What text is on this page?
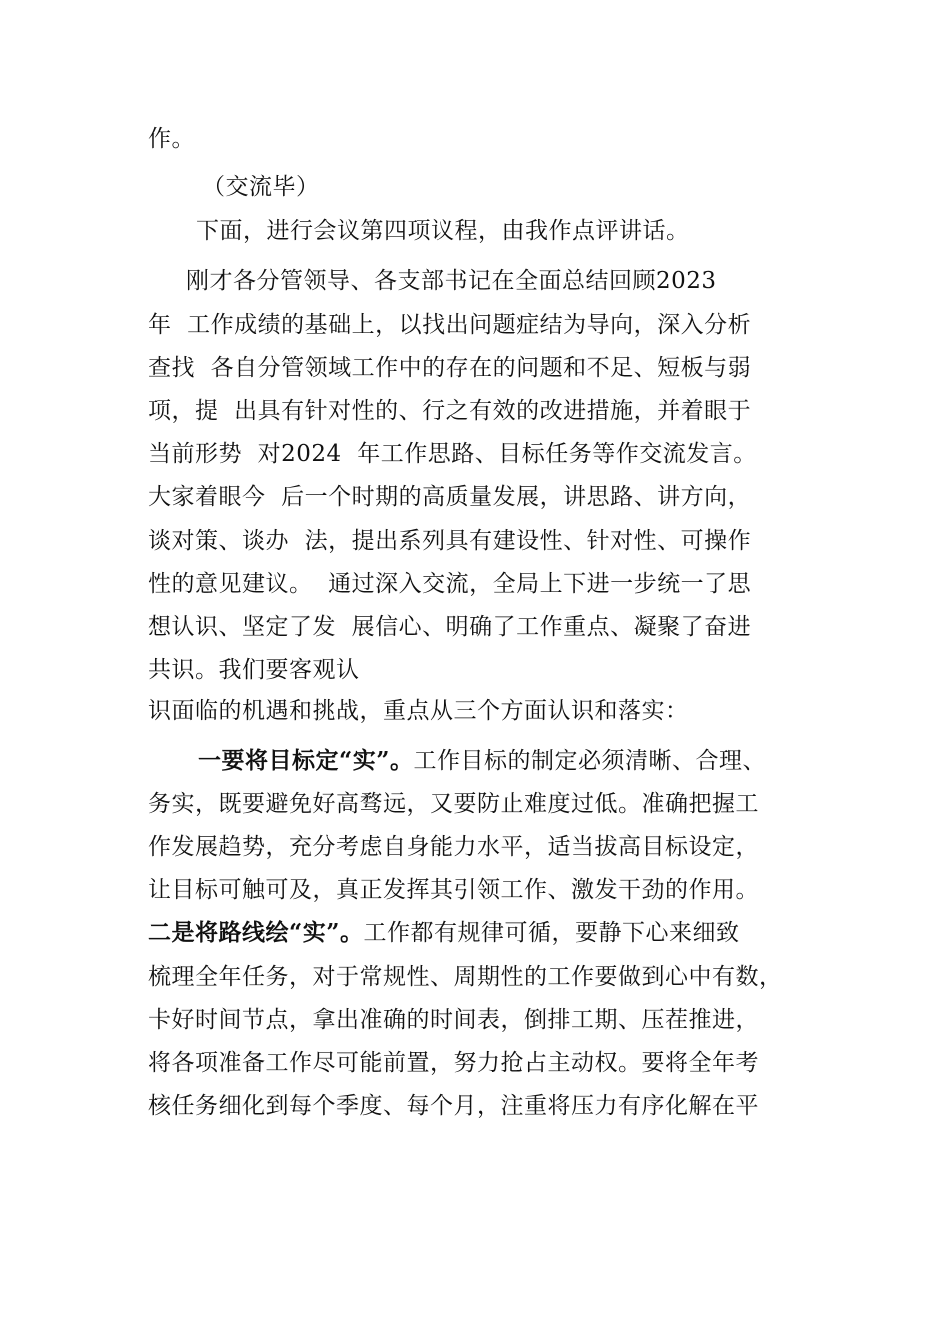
作。
（交流毕）
下面，进行会议第四项议程，由我作点评讲话。
刚才各分管领导、各支部书记在全面总结回顾2023
年  工作成绩的基础上，以找出问题症结为导向，深入分析
查找  各自分管领域工作中的存在的问题和不足、短板与弱
项，提  出具有针对性的、行之有效的改进措施，并着眼于
当前形势  对2024  年工作思路、目标任务等作交流发言。
大家着眼今  后一个时期的高质量发展，讲思路、讲方向，
谈对策、谈办  法，提出系列具有建设性、针对性、可操作
性的意见建议。  通过深入交流，全局上下进一步统一了思
想认识、坚定了发  展信心、明确了工作重点、凝聚了奋进
共识。我们要客观认
识面临的机遇和挑战，重点从三个方面认识和落实：
一要将目标定“实”。工作目标的制定必须清晰、合理、
务实，既要避免好高骛远，又要防止难度过低。准确把握工
作发展趋势，充分考虑自身能力水平，适当拔高目标设定，
让目标可触可及，真正发挥其引领工作、激发干劲的作用。
二是将路线绘“实”。工作都有规律可循，要静下心来细致
梳理全年任务，对于常规性、周期性的工作要做到心中有数，
卡好时间节点，拿出准确的时间表，倒排工期、压茬推进，
将各项准备工作尽可能前置，努力抢占主动权。要将全年考
核任务细化到每个季度、每个月，注重将压力有序化解在平
